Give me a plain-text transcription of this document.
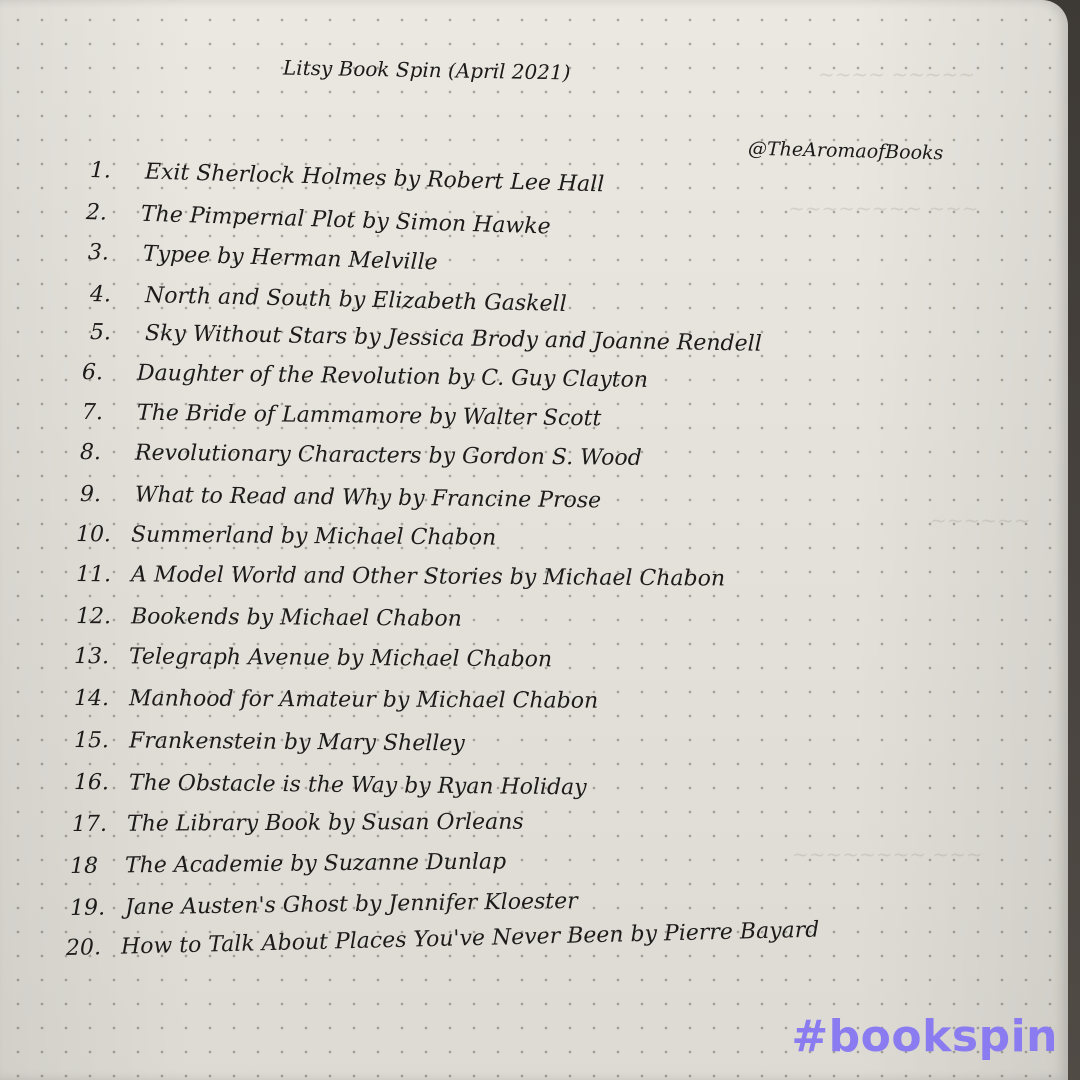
~~~~ ~~~~~
~~~~~~~~ ~~~
~~~~~~
~~~~~~~~ ~~~
Litsy Book Spin (April 2021)
@TheAromaofBooks
1. Exit Sherlock Holmes by Robert Lee Hall
2. The Pimpernal Plot by Simon Hawke
3. Typee by Herman Melville
4. North and South by Elizabeth Gaskell
5. Sky Without Stars by Jessica Brody and Joanne Rendell
6. Daughter of the Revolution by C. Guy Clayton
7. The Bride of Lammamore by Walter Scott
8. Revolutionary Characters by Gordon S. Wood
9. What to Read and Why by Francine Prose
10. Summerland by Michael Chabon
11. A Model World and Other Stories by Michael Chabon
12. Bookends by Michael Chabon
13. Telegraph Avenue by Michael Chabon
14. Manhood for Amateur by Michael Chabon
15. Frankenstein by Mary Shelley
16. The Obstacle is the Way by Ryan Holiday
17. The Library Book by Susan Orleans
18 The Academie by Suzanne Dunlap
19. Jane Austen's Ghost by Jennifer Kloester
20. How to Talk About Places You've Never Been by Pierre Bayard
#bookspin
